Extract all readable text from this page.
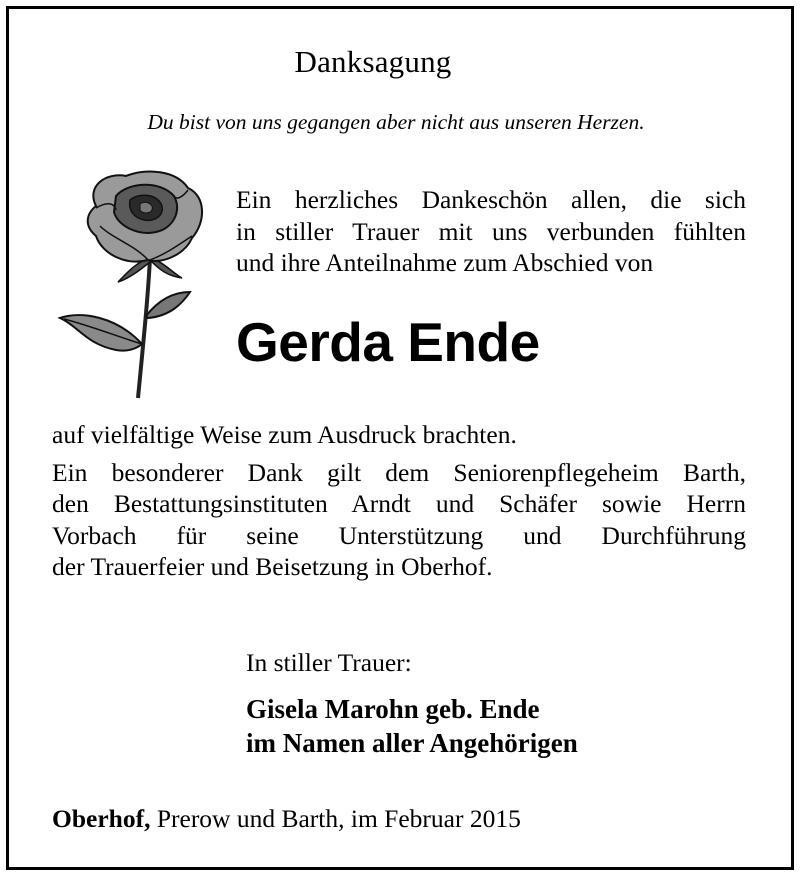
Danksagung
Du bist von uns gegangen aber nicht aus unseren Herzen.
Ein herzliches Dankeschön allen, die sich
in stiller Trauer mit uns verbunden fühlten
und ihre Anteilnahme zum Abschied von
Gerda Ende
auf vielfältige Weise zum Ausdruck brachten.
Ein besonderer Dank gilt dem Seniorenpflegeheim Barth,
den Bestattungsinstituten Arndt und Schäfer sowie Herrn
Vorbach für seine Unterstützung und Durchführung
der Trauerfeier und Beisetzung in Oberhof.
In stiller Trauer:
Gisela Marohn geb. Ende
im Namen aller Angehörigen
Oberhof, Prerow und Barth, im Februar 2015
